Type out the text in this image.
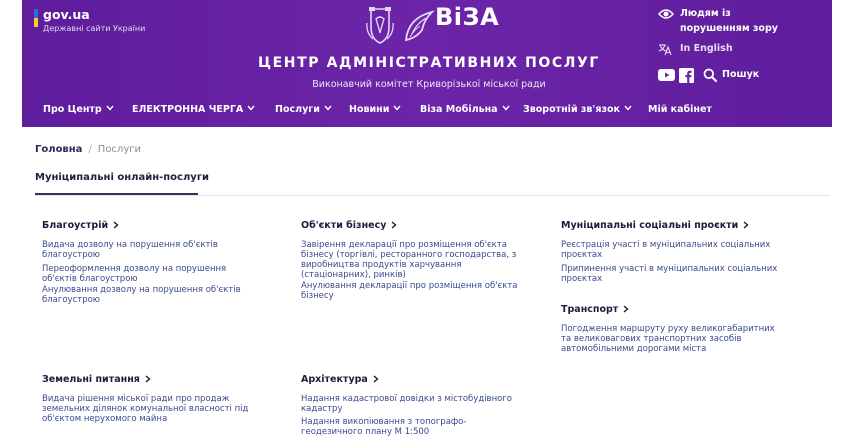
gov.ua
Державні сайти України	ВіЗА
ЦЕНТР АДМІНІСТРАТИВНИХ ПОСЛУГ
Виконавчий комітет Криворізької міської ради
Людям із
порушенням зору
In English
Пошук
Про Центр	ЕЛЕКТРОННА ЧЕРГА	Послуги	Новини	Віза Мобільна	Зворотній зв'язок	Мій кабінет
Головна / Послуги
Муніципальні онлайн-послуги
Благоустрій
Видача дозволу на порушення об'єктів
благоустрою
Переоформлення дозволу на порушення
об'єктів благоустрою
Анулювання дозволу на порушення об'єктів
благоустрою
Земельні питання
Видача рішення міської ради про продаж
земельних ділянок комунальної власності під
об'єктом нерухомого майна
Об'єкти бізнесу
Завірення декларації про розміщення об'єкта
бізнесу (торгівлі, ресторанного господарства, з
виробництва продуктів харчування
(стаціонарних), ринків)
Анулювання декларації про розміщення об'єкта
бізнесу
Архітектура
Надання кадастрової довідки з містобудівного
кадастру
Надання викопіювання з топографо-
геодезичного плану М 1:500
Муніципальні соціальні проєкти
Реєстрація участі в муніципальних соціальних
проєктах
Припинення участі в муніципальних соціальних
проєктах
Транспорт
Погодження маршруту руху великогабаритних
та великовагових транспортних засобів
автомобільними дорогами міста
